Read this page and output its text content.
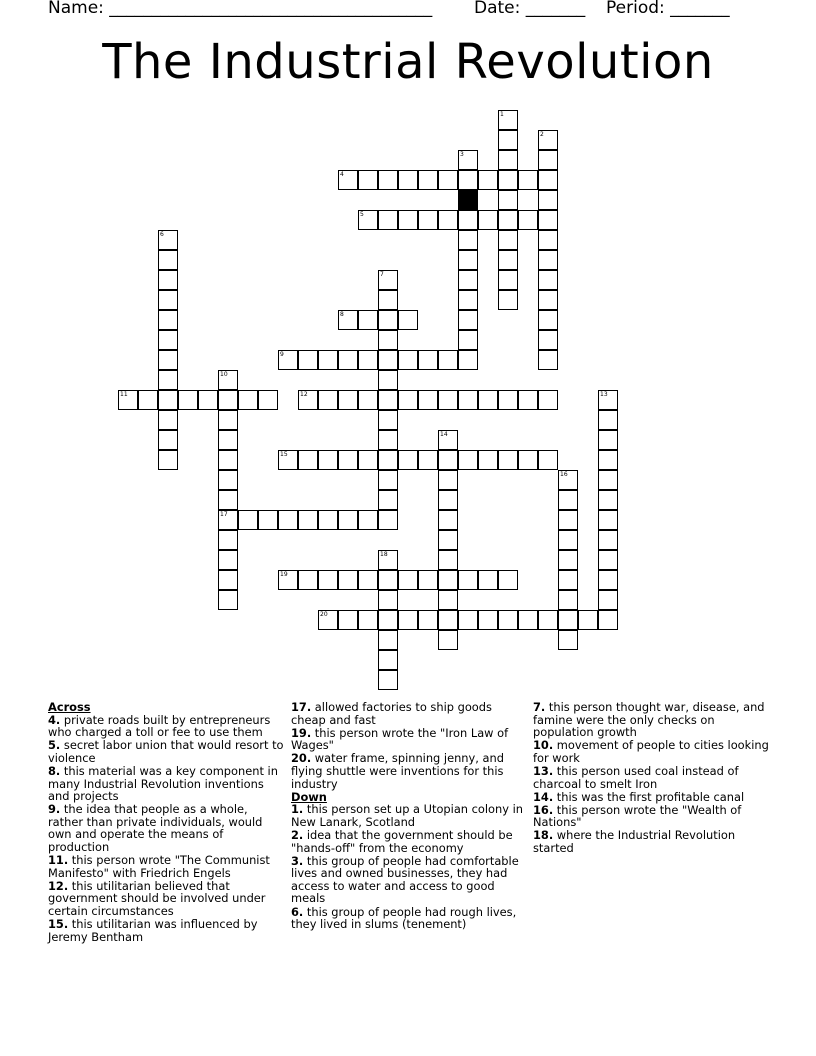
Name: ______________________________________ Date: _______ Period: _______
The Industrial Revolution
1
2
3
4
5
6
7
8
9
10
17
11	12	13
14
15
16
18
19
20
Across
4. private roads built by entrepreneurs who charged a toll or fee to use them
5. secret labor union that would resort to violence
8. this material was a key component in many Industrial Revolution inventions and projects
9. the idea that people as a whole, rather than private individuals, would own and operate the means of production
11. this person wrote "The Communist Manifesto" with Friedrich Engels
12. this utilitarian believed that government should be involved under certain circumstances
15. this utilitarian was influenced by Jeremy Bentham
17. allowed factories to ship goods cheap and fast
19. this person wrote the "Iron Law of Wages"
20. water frame, spinning jenny, and flying shuttle were inventions for this industry
Down
1. this person set up a Utopian colony in New Lanark, Scotland
2. idea that the government should be "hands-off" from the economy
3. this group of people had comfortable lives and owned businesses, they had access to water and access to good meals
6. this group of people had rough lives, they lived in slums (tenement)
7. this person thought war, disease, and famine were the only checks on population growth
10. movement of people to cities looking for work
13. this person used coal instead of charcoal to smelt Iron
14. this was the first profitable canal
16. this person wrote the "Wealth of Nations"
18. where the Industrial Revolution started
